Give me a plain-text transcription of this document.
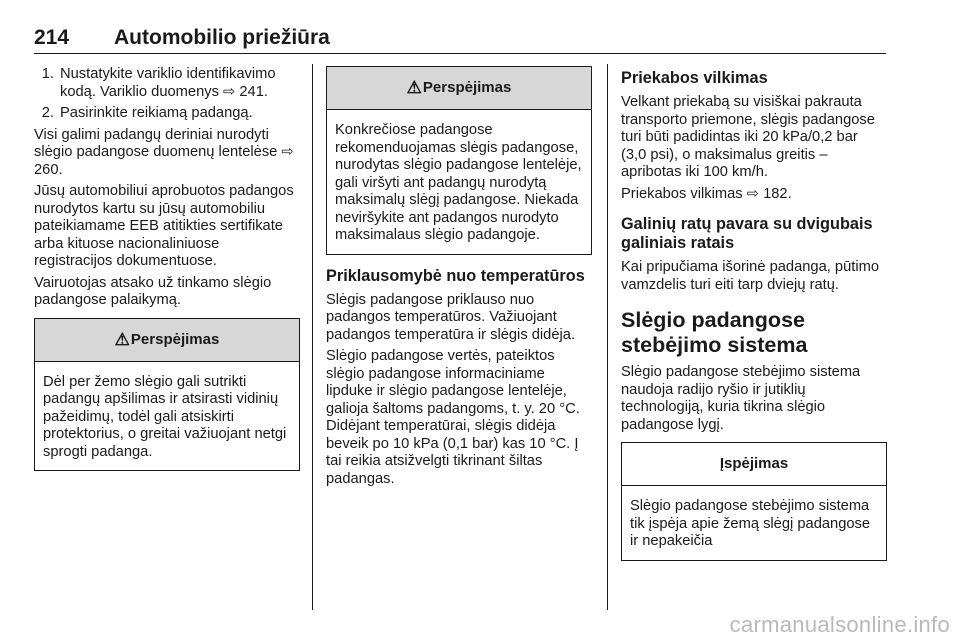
214 Automobilio priežiūra
1. Nustatykite variklio identifikavimo kodą. Variklio duomenys ⇨ 241.
2. Pasirinkite reikiamą padangą.

Visi galimi padangų deriniai nurodyti slėgio padangose duomenų lentelėse ⇨ 260.

Jūsų automobiliui aprobuotos padangos nurodytos kartu su jūsų automobiliu pateikiamame EEB atitikties sertifikate arba kituose nacionaliniuose registracijos dokumentuose.

Vairuotojas atsako už tinkamo slėgio padangose palaikymą.

⚠ Perspėjimas
Dėl per žemo slėgio gali sutrikti padangų apšilimas ir atsirasti vidinių pažeidimų, todėl gali atsiskirti protektorius, o greitai važiuojant netgi sprogti padanga.
⚠ Perspėjimas
Konkrečiose padangose rekomenduojamas slėgis padangose, nurodytas slėgio padangose lentelėje, gali viršyti ant padangų nurodytą maksimalų slėgį padangose. Niekada neviršykite ant padangos nurodyto maksimalaus slėgio padangoje.
Priklausomybė nuo temperatūros

Slėgis padangose priklauso nuo padangos temperatūros. Važiuojant padangos temperatūra ir slėgis didėja.

Slėgio padangose vertės, pateiktos slėgio padangose informaciniame lipduke ir slėgio padangose lentelėje, galioja šaltoms padangoms, t. y. 20 °C. Didėjant temperatūrai, slėgis didėja beveik po 10 kPa (0,1 bar) kas 10 °C. Į tai reikia atsižvelgti tikrinant šiltas padangas.

Priekabos vilkimas

Velkant priekabą su visiškai pakrauta transporto priemone, slėgis padangose turi būti padidintas iki 20 kPa/0,2 bar (3,0 psi), o maksimalus greitis – apribotas iki 100 km/h.

Priekabos vilkimas ⇨ 182.

Galinių ratų pavara su dvigubais galiniais ratais

Kai pripučiama išorinė padanga, pūtimo vamzdelis turi eiti tarp dviejų ratų.

Slėgio padangose stebėjimo sistema

Slėgio padangose stebėjimo sistema naudoja radijo ryšio ir jutiklių technologiją, kuria tikrina slėgio padangose lygį.

Įspėjimas
Slėgio padangose stebėjimo sistema tik įspėja apie žemą slėgį padangose ir nepakeičia
carmanualsonline.info
